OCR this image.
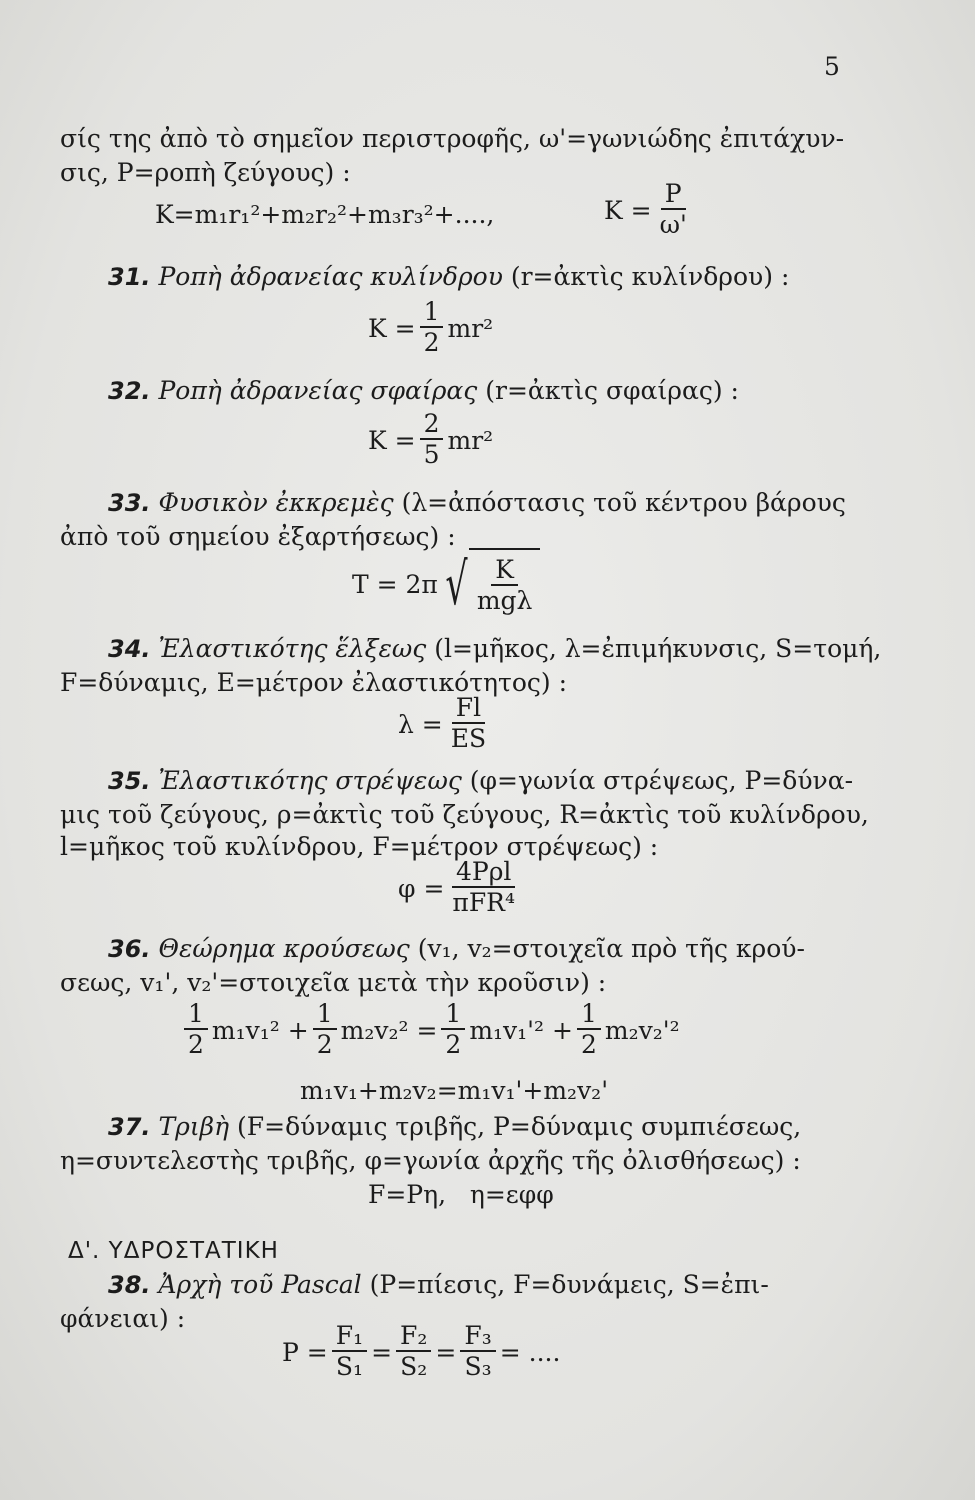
5
σίς της ἀπὸ τὸ σημεῖον περιστροφῆς, ω'=γωνιώδης ἐπιτάχυν-
σις, P=ροπὴ ζεύγους) :
K=m₁r₁²+m₂r₂²+m₃r₃²+....,	$K = \frac{P}{\omega'}$
31. Ροπὴ ἀδρανείας κυλίνδρου (r=ἀκτὶς κυλίνδρου) :
$K = \frac{1}{2} mr^2$
32. Ροπὴ ἀδρανείας σφαίρας (r=ἀκτὶς σφαίρας) :
$K = \frac{2}{5} mr^2$
33. Φυσικὸν ἐκκρεμὲς (λ=ἀπόστασις τοῦ κέντρου βάρους
ἀπὸ τοῦ σημείου ἐξαρτήσεως) :
T = 2π √ $\frac{K}{\text{mgλ}}$
34. Ἐλαστικότης ἕλξεως (l=μῆκος, λ=ἐπιμήκυνσις, S=τομή,
F=δύναμις, E=μέτρον ἐλαστικότητος) :
$\lambda = \frac{Fl}{ES}$
35. Ἐλαστικότης στρέψεως (φ=γωνία στρέψεως, P=δύνα-
μις τοῦ ζεύγους, ρ=ἀκτὶς τοῦ ζεύγους, R=ἀκτὶς τοῦ κυλίνδρου,
l=μῆκος τοῦ κυλίνδρου, F=μέτρον στρέψεως) :
$\varphi = \frac{\text{4Pρl}}{\text{πFR⁴}}$
36. Θεώρημα κρούσεως (v₁, v₂=στοιχεῖα πρὸ τῆς κρού-
σεως, v₁', v₂'=στοιχεῖα μετὰ τὴν κροῦσιν) :
$\frac{1}{2} m_1v_1^2 + \frac{1}{2} m_2v_2^2 = \frac{1}{2} m_1v_1'^2 + \frac{1}{2} m_2v_2'^2$
m₁v₁+m₂v₂=m₁v₁'+m₂v₂'
37. Τριβὴ (F=δύναμις τριβῆς, P=δύναμις συμπιέσεως,
η=συντελεστὴς τριβῆς, φ=γωνία ἀρχῆς τῆς ὀλισθήσεως) :
F=Pη,   η=εφφ
Δ'. ΥΔΡΟΣΤΑΤΙΚΗ
38. Ἀρχὴ τοῦ Pascal (P=πίεσις, F=δυνάμεις, S=ἐπι-
φάνειαι) :
$P = \frac{\text{F₁}}{\text{S₁}} = \frac{\text{F₂}}{\text{S₂}} = \frac{\text{F₃}}{\text{S₃}}$ = ....
